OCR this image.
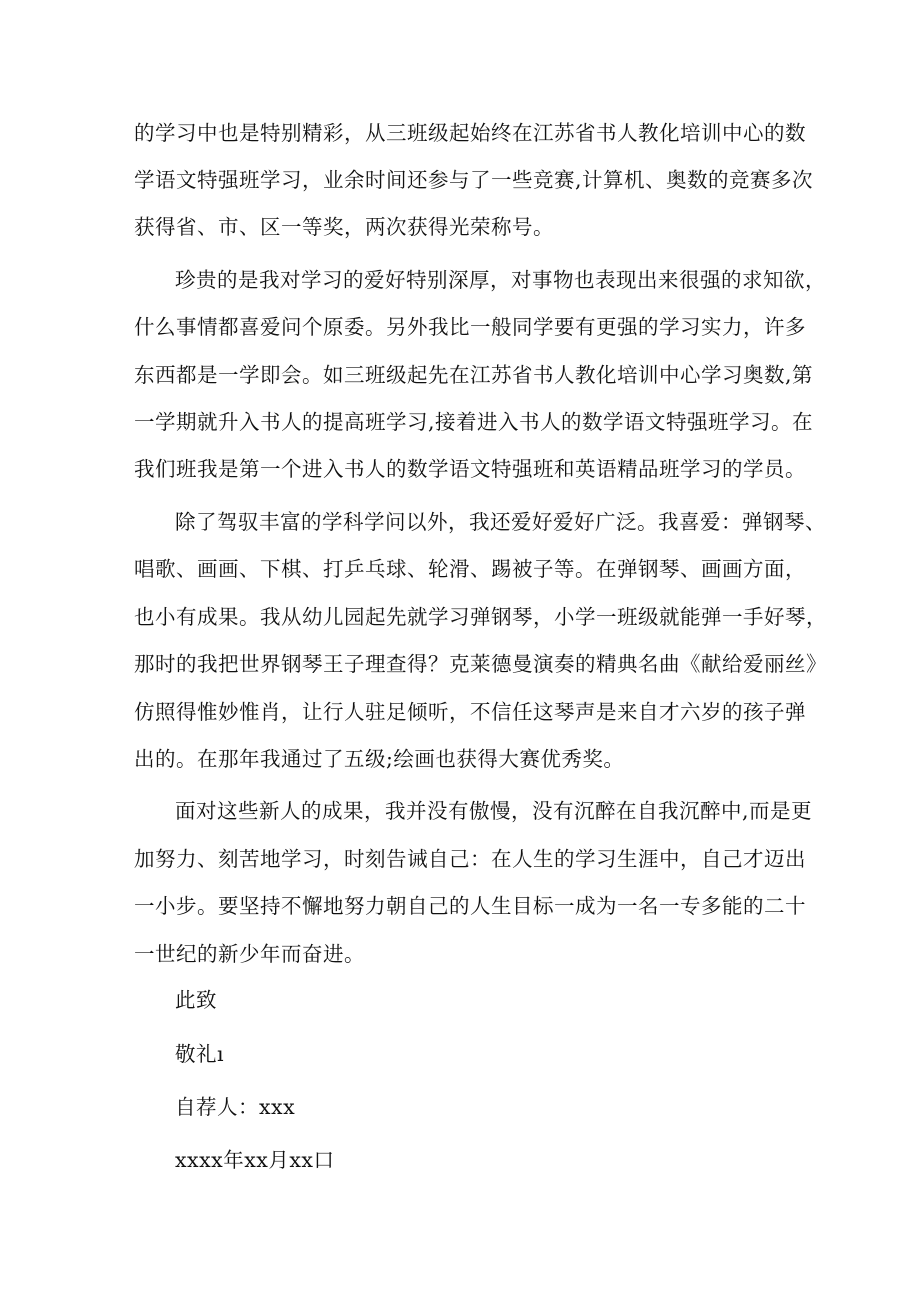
的学习中也是特别精彩，从三班级起始终在江苏省书人教化培训中心的数
学语文特强班学习，业余时间还参与了一些竞赛,计算机、奥数的竞赛多次
获得省、市、区一等奖，两次获得光荣称号。
珍贵的是我对学习的爱好特别深厚，对事物也表现出来很强的求知欲，
什么事情都喜爱问个原委。另外我比一般同学要有更强的学习实力，许多
东西都是一学即会。如三班级起先在江苏省书人教化培训中心学习奥数,第
一学期就升入书人的提高班学习,接着进入书人的数学语文特强班学习。在
我们班我是第一个进入书人的数学语文特强班和英语精品班学习的学员。
除了驾驭丰富的学科学问以外，我还爱好爱好广泛。我喜爱：弹钢琴、
唱歌、画画、下棋、打乒乓球、轮滑、踢被子等。在弹钢琴、画画方面，
也小有成果。我从幼儿园起先就学习弹钢琴，小学一班级就能弹一手好琴，
那时的我把世界钢琴王子理查得？克莱德曼演奏的精典名曲《献给爱丽丝》
仿照得惟妙惟肖，让行人驻足倾听，不信任这琴声是来自才六岁的孩子弹
出的。在那年我通过了五级;绘画也获得大赛优秀奖。
面对这些新人的成果，我并没有傲慢，没有沉醉在自我沉醉中,而是更
加努力、刻苦地学习，时刻告诫自己：在人生的学习生涯中，自己才迈出
一小步。要坚持不懈地努力朝自己的人生目标一成为一名一专多能的二十
一世纪的新少年而奋进。
此致
敬礼ı
自荐人：xxx
xxxx年xx月xx口
